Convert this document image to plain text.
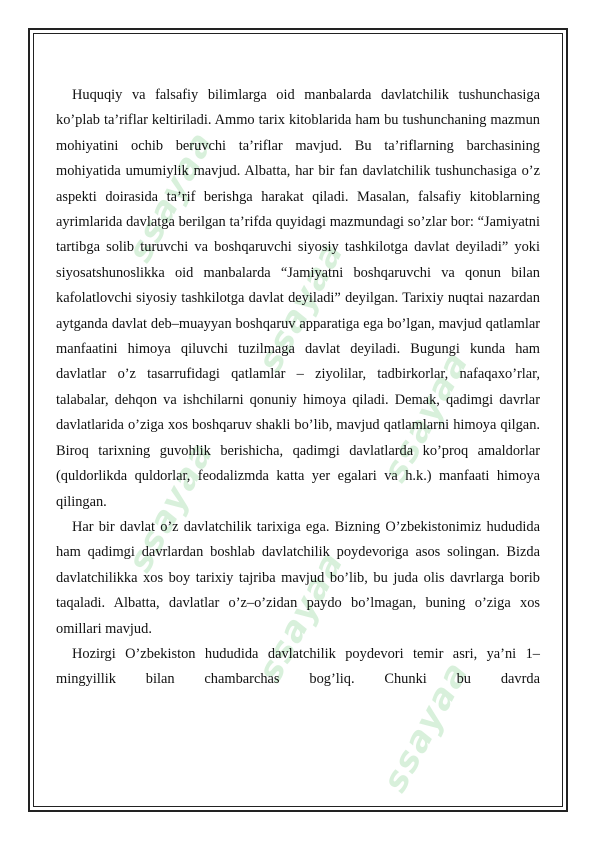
ssayaa
ssayaa
ssayaa
ssayaa
ssayaa
ssayaa

Huquqiy va falsafiy bilimlarga oid manbalarda davlatchilik tushunchasiga ko’plab ta’riflar keltiriladi. Ammo tarix kitoblarida ham bu tushunchaning mazmun mohiyatini ochib beruvchi ta’riflar mavjud. Bu ta’riflarning barchasining mohiyatida umumiylik mavjud. Albatta, har bir fan davlatchilik tushunchasiga o’z aspekti doirasida ta’rif berishga harakat qiladi. Masalan, falsafiy kitoblarning ayrimlarida davlatga berilgan ta’rifda quyidagi mazmundagi so’zlar bor: “Jamiyatni tartibga solib turuvchi va boshqaruvchi siyosiy tashkilotga davlat deyiladi” yoki siyosatshunoslikka oid manbalarda “Jamiyatni boshqaruvchi va qonun bilan kafolatlovchi siyosiy tashkilotga davlat deyiladi” deyilgan. Tarixiy nuqtai nazardan aytganda davlat deb–muayyan boshqaruv apparatiga ega bo’lgan, mavjud qatlamlar manfaatini himoya qiluvchi tuzilmaga davlat deyiladi. Bugungi kunda ham davlatlar o’z tasarrufidagi qatlamlar – ziyolilar, tadbirkorlar, nafaqaxo’rlar, talabalar, dehqon va ishchilarni qonuniy himoya qiladi. Demak, qadimgi davrlar davlatlarida o’ziga xos boshqaruv shakli bo’lib, mavjud qatlamlarni himoya qilgan. Biroq tarixning guvohlik berishicha, qadimgi davlatlarda ko’proq amaldorlar (quldorlikda quldorlar, feodalizmda katta yer egalari va h.k.) manfaati himoya qilingan.

Har bir davlat o’z davlatchilik tarixiga ega. Bizning O’zbekistonimiz hududida ham qadimgi davrlardan boshlab davlatchilik poydevoriga asos solingan. Bizda davlatchilikka xos boy tarixiy tajriba mavjud bo’lib, bu juda olis davrlarga borib taqaladi. Albatta, davlatlar o’z–o’zidan paydo bo’lmagan, buning o’ziga xos omillari mavjud.

Hozirgi O’zbekiston hududida davlatchilik poydevori temir asri, ya’ni 1–mingyillik bilan chambarchas bog’liq. Chunki bu davrda
